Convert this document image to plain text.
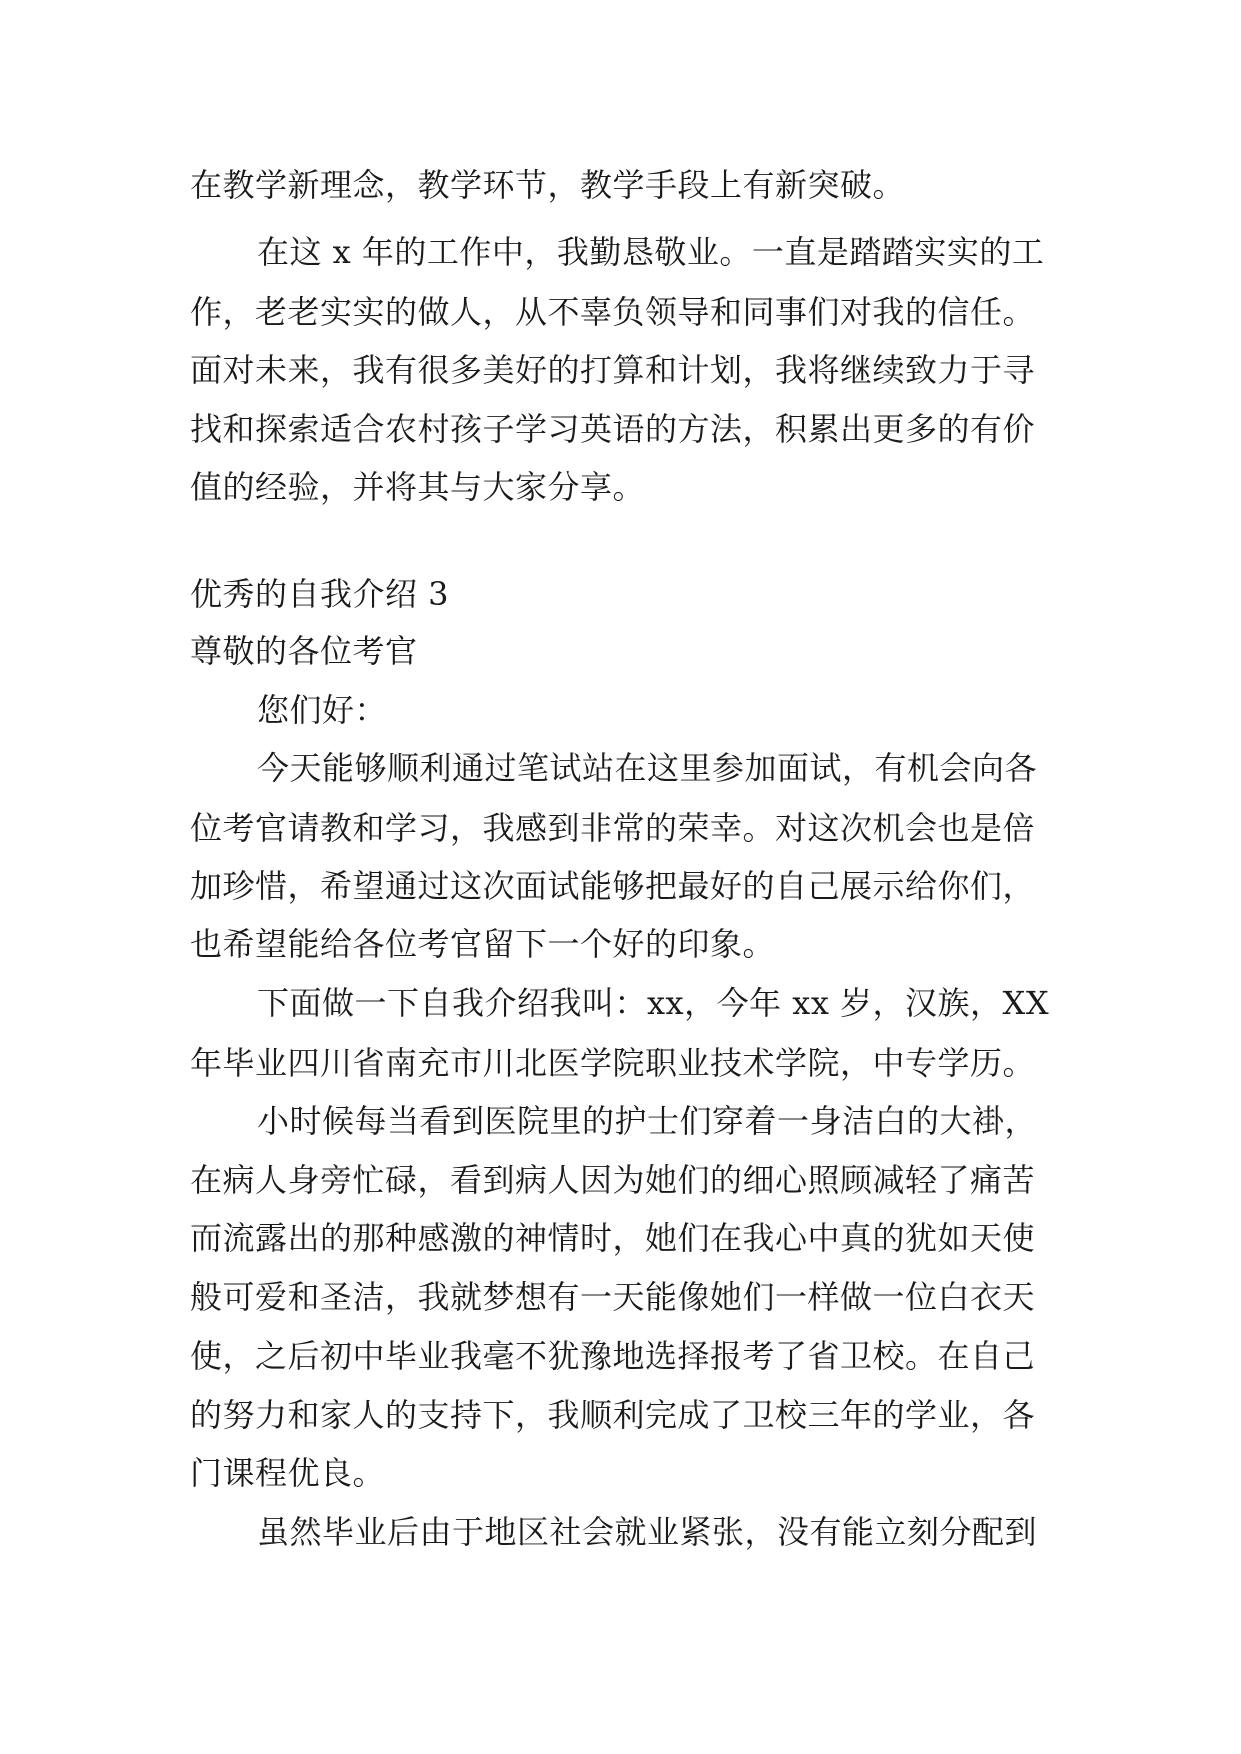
在教学新理念，教学环节，教学手段上有新突破。
在这 x 年的工作中，我勤恳敬业。一直是踏踏实实的工
作，老老实实的做人，从不辜负领导和同事们对我的信任。
面对未来，我有很多美好的打算和计划，我将继续致力于寻
找和探索适合农村孩子学习英语的方法，积累出更多的有价
值的经验，并将其与大家分享。
优秀的自我介绍 3
尊敬的各位考官
您们好：
今天能够顺利通过笔试站在这里参加面试，有机会向各
位考官请教和学习，我感到非常的荣幸。对这次机会也是倍
加珍惜，希望通过这次面试能够把最好的自己展示给你们，
也希望能给各位考官留下一个好的印象。
下面做一下自我介绍我叫：xx，今年 xx 岁，汉族，XX
年毕业四川省南充市川北医学院职业技术学院，中专学历。
小时候每当看到医院里的护士们穿着一身洁白的大褂，
在病人身旁忙碌，看到病人因为她们的细心照顾减轻了痛苦
而流露出的那种感激的神情时，她们在我心中真的犹如天使
般可爱和圣洁，我就梦想有一天能像她们一样做一位白衣天
使，之后初中毕业我毫不犹豫地选择报考了省卫校。在自己
的努力和家人的支持下，我顺利完成了卫校三年的学业，各
门课程优良。
虽然毕业后由于地区社会就业紧张，没有能立刻分配到
